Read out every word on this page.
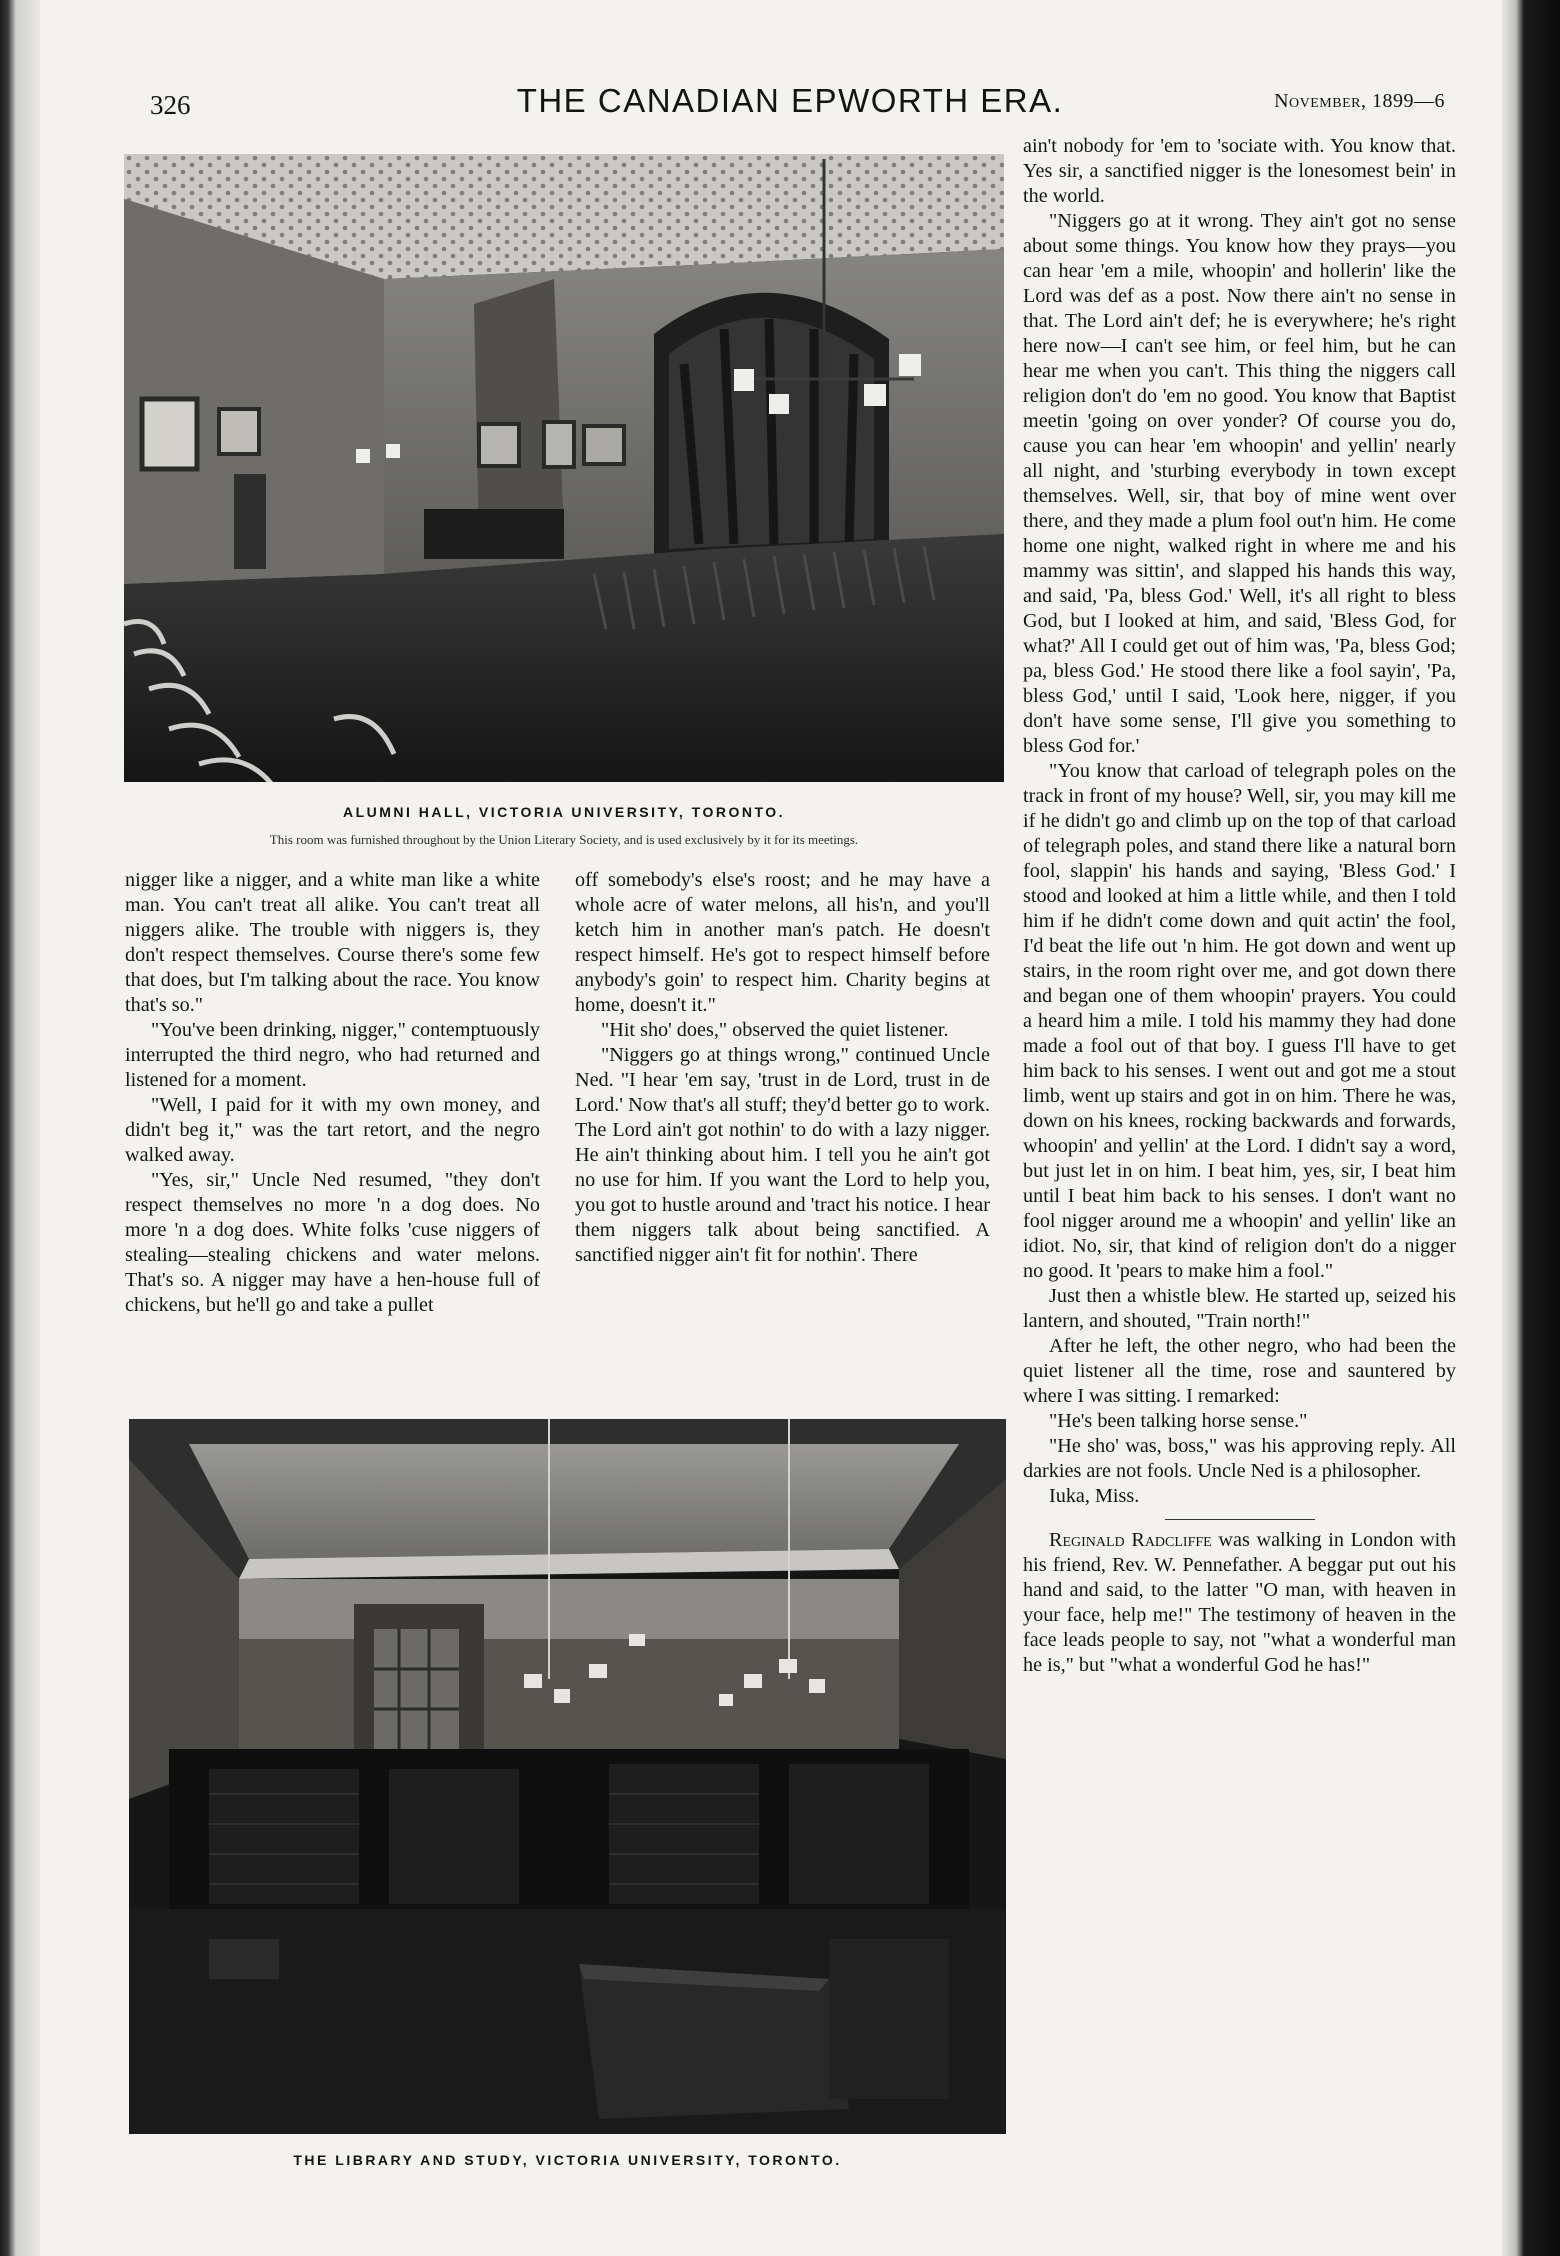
326	THE CANADIAN EPWORTH ERA.	November, 1899—6
ALUMNI HALL, VICTORIA UNIVERSITY, TORONTO.
This room was furnished throughout by the Union Literary Society, and is used exclusively by it for its meetings.

nigger like a nigger, and a white man like a white man. You can't treat all alike. You can't treat all niggers alike. The trouble with niggers is, they don't respect themselves. Course there's some few that does, but I'm talking about the race. You know that's so."

"You've been drinking, nigger," contemptuously interrupted the third negro, who had returned and listened for a moment.

"Well, I paid for it with my own money, and didn't beg it," was the tart retort, and the negro walked away.

"Yes, sir," Uncle Ned resumed, "they don't respect themselves no more 'n a dog does. No more 'n a dog does. White folks 'cuse niggers of stealing—stealing chickens and water melons. That's so. A nigger may have a hen-house full of chickens, but he'll go and take a pullet

off somebody's else's roost; and he may have a whole acre of water melons, all his'n, and you'll ketch him in another man's patch. He doesn't respect himself. He's got to respect himself before anybody's goin' to respect him. Charity begins at home, doesn't it."

"Hit sho' does," observed the quiet listener.

"Niggers go at things wrong," continued Uncle Ned. "I hear 'em say, 'trust in de Lord, trust in de Lord.' Now that's all stuff; they'd better go to work. The Lord ain't got nothin' to do with a lazy nigger. He ain't thinking about him. I tell you he ain't got no use for him. If you want the Lord to help you, you got to hustle around and 'tract his notice. I hear them niggers talk about being sanctified. A sanctified nigger ain't fit for nothin'. There

THE LIBRARY AND STUDY, VICTORIA UNIVERSITY, TORONTO.

ain't nobody for 'em to 'sociate with. You know that. Yes sir, a sanctified nigger is the lonesomest bein' in the world.

"Niggers go at it wrong. They ain't got no sense about some things. You know how they prays—you can hear 'em a mile, whoopin' and hollerin' like the Lord was def as a post. Now there ain't no sense in that. The Lord ain't def; he is everywhere; he's right here now—I can't see him, or feel him, but he can hear me when you can't. This thing the niggers call religion don't do 'em no good. You know that Baptist meetin 'going on over yonder? Of course you do, cause you can hear 'em whoopin' and yellin' nearly all night, and 'sturbing everybody in town except themselves. Well, sir, that boy of mine went over there, and they made a plum fool out'n him. He come home one night, walked right in where me and his mammy was sittin', and slapped his hands this way, and said, 'Pa, bless God.' Well, it's all right to bless God, but I looked at him, and said, 'Bless God, for what?' All I could get out of him was, 'Pa, bless God; pa, bless God.' He stood there like a fool sayin', 'Pa, bless God,' until I said, 'Look here, nigger, if you don't have some sense, I'll give you something to bless God for.'

"You know that carload of telegraph poles on the track in front of my house? Well, sir, you may kill me if he didn't go and climb up on the top of that carload of telegraph poles, and stand there like a natural born fool, slappin' his hands and saying, 'Bless God.' I stood and looked at him a little while, and then I told him if he didn't come down and quit actin' the fool, I'd beat the life out 'n him. He got down and went up stairs, in the room right over me, and got down there and began one of them whoopin' prayers. You could a heard him a mile. I told his mammy they had done made a fool out of that boy. I guess I'll have to get him back to his senses. I went out and got me a stout limb, went up stairs and got in on him. There he was, down on his knees, rocking backwards and forwards, whoopin' and yellin' at the Lord. I didn't say a word, but just let in on him. I beat him, yes, sir, I beat him until I beat him back to his senses. I don't want no fool nigger around me a whoopin' and yellin' like an idiot. No, sir, that kind of religion don't do a nigger no good. It 'pears to make him a fool."

Just then a whistle blew. He started up, seized his lantern, and shouted, "Train north!"

After he left, the other negro, who had been the quiet listener all the time, rose and sauntered by where I was sitting. I remarked:

"He's been talking horse sense."

"He sho' was, boss," was his approving reply. All darkies are not fools. Uncle Ned is a philosopher.

Iuka, Miss.

Reginald Radcliffe was walking in London with his friend, Rev. W. Pennefather. A beggar put out his hand and said, to the latter "O man, with heaven in your face, help me!" The testimony of heaven in the face leads people to say, not "what a wonderful man he is," but "what a wonderful God he has!"
